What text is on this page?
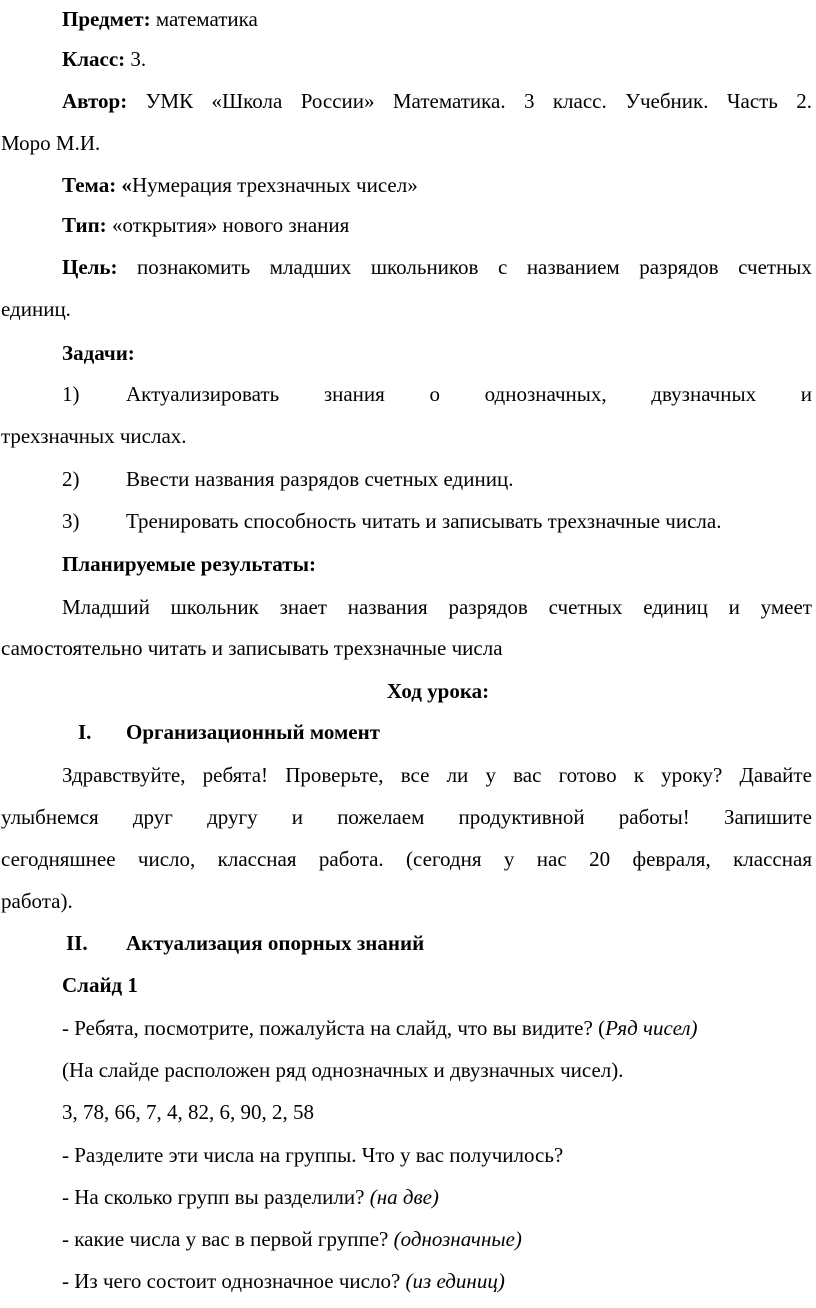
Предмет: математика
Класс: 3.
Автор: УМК «Школа России» Математика. 3 класс. Учебник. Часть 2.
Моро М.И.
Тема: «Нумерация трехзначных чисел»
Тип: «открытия» нового знания
Цель: познакомить младших школьников с названием разрядов счетных
единиц.
Задачи:
1) Актуализировать знания о однозначных, двузначных и
трехзначных числах.
2) Ввести названия разрядов счетных единиц.
3) Тренировать способность читать и записывать трехзначные числа.
Планируемые результаты:
Младший школьник знает названия разрядов счетных единиц и умеет
самостоятельно читать и записывать трехзначные числа
Ход урока:
I. Организационный момент
Здравствуйте, ребята! Проверьте, все ли у вас готово к уроку? Давайте
улыбнемся друг другу и пожелаем продуктивной работы! Запишите
сегодняшнее число, классная работа. (сегодня у нас 20 февраля, классная
работа).
II. Актуализация опорных знаний
Слайд 1
- Ребята, посмотрите, пожалуйста на слайд, что вы видите? (Ряд чисел)
(На слайде расположен ряд однозначных и двузначных чисел).
3, 78, 66, 7, 4, 82, 6, 90, 2, 58
- Разделите эти числа на группы. Что у вас получилось?
- На сколько групп вы разделили? (на две)
- какие числа у вас в первой группе? (однозначные)
- Из чего состоит однозначное число? (из единиц)
